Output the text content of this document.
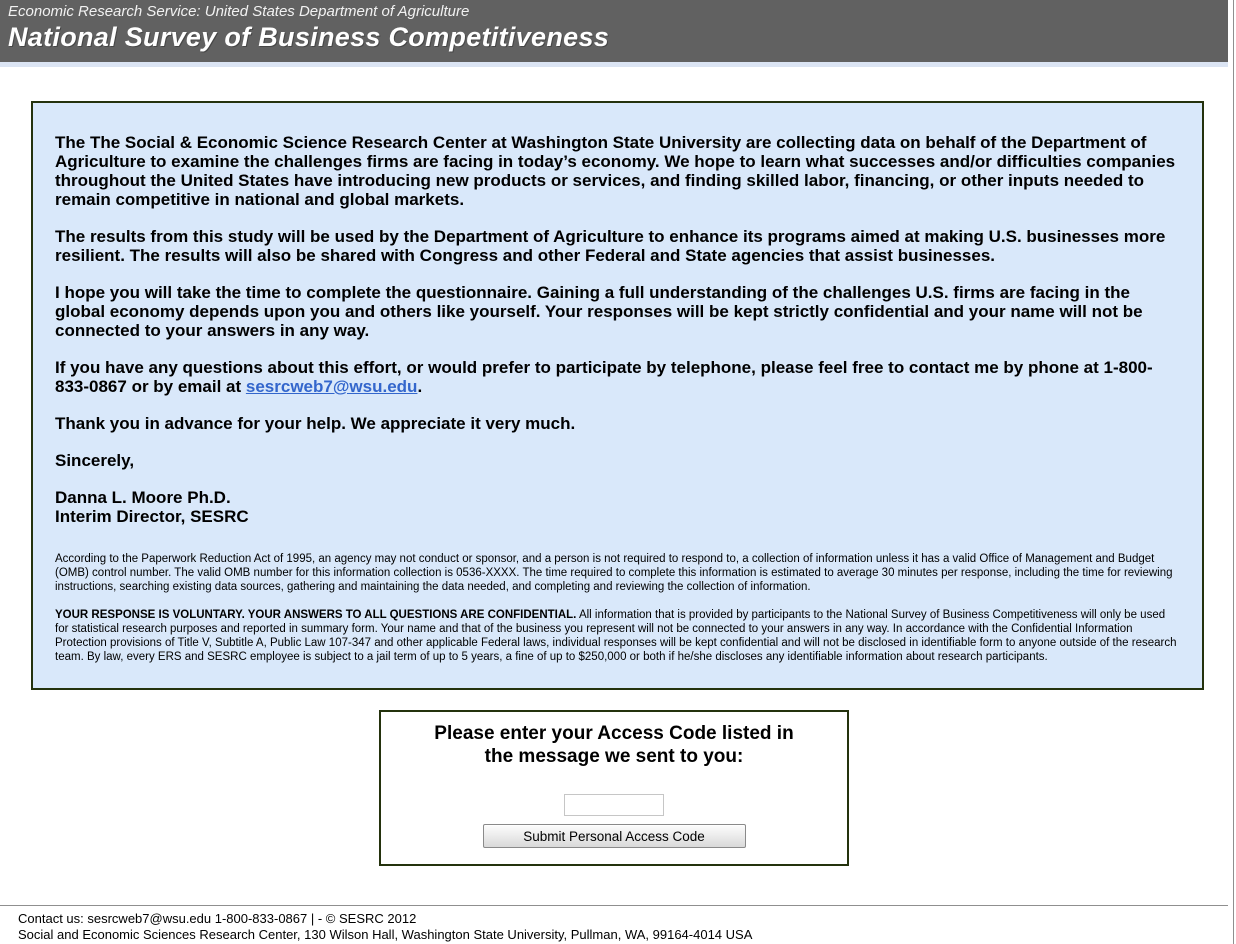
Economic Research Service: United States Department of Agriculture
National Survey of Business Competitiveness

The The Social & Economic Science Research Center at Washington State University are collecting data on behalf of the Department of Agriculture to examine the challenges firms are facing in today’s economy. We hope to learn what successes and/or difficulties companies throughout the United States have introducing new products or services, and finding skilled labor, financing, or other inputs needed to remain competitive in national and global markets.

The results from this study will be used by the Department of Agriculture to enhance its programs aimed at making U.S. businesses more resilient. The results will also be shared with Congress and other Federal and State agencies that assist businesses.

I hope you will take the time to complete the questionnaire. Gaining a full understanding of the challenges U.S. firms are facing in the global economy depends upon you and others like yourself. Your responses will be kept strictly confidential and your name will not be connected to your answers in any way.

If you have any questions about this effort, or would prefer to participate by telephone, please feel free to contact me by phone at 1-800-833-0867 or by email at sesrcweb7@wsu.edu.

Thank you in advance for your help. We appreciate it very much.

Sincerely,

Danna L. Moore Ph.D.

Interim Director, SESRC

According to the Paperwork Reduction Act of 1995, an agency may not conduct or sponsor, and a person is not required to respond to, a collection of information unless it has a valid Office of Management and Budget (OMB) control number. The valid OMB number for this information collection is 0536-XXXX. The time required to complete this information is estimated to average 30 minutes per response, including the time for reviewing instructions, searching existing data sources, gathering and maintaining the data needed, and completing and reviewing the collection of information.

YOUR RESPONSE IS VOLUNTARY. YOUR ANSWERS TO ALL QUESTIONS ARE CONFIDENTIAL. All information that is provided by participants to the National Survey of Business Competitiveness will only be used for statistical research purposes and reported in summary form. Your name and that of the business you represent will not be connected to your answers in any way. In accordance with the Confidential Information Protection provisions of Title V, Subtitle A, Public Law 107-347 and other applicable Federal laws, individual responses will be kept confidential and will not be disclosed in identifiable form to anyone outside of the research team. By law, every ERS and SESRC employee is subject to a jail term of up to 5 years, a fine of up to $250,000 or both if he/she discloses any identifiable information about research participants.

Please enter your Access Code listed in the message we sent to you:
Submit Personal Access Code
Contact us: sesrcweb7@wsu.edu 1-800-833-0867 | - © SESRC 2012
Social and Economic Sciences Research Center, 130 Wilson Hall, Washington State University, Pullman, WA, 99164-4014 USA
